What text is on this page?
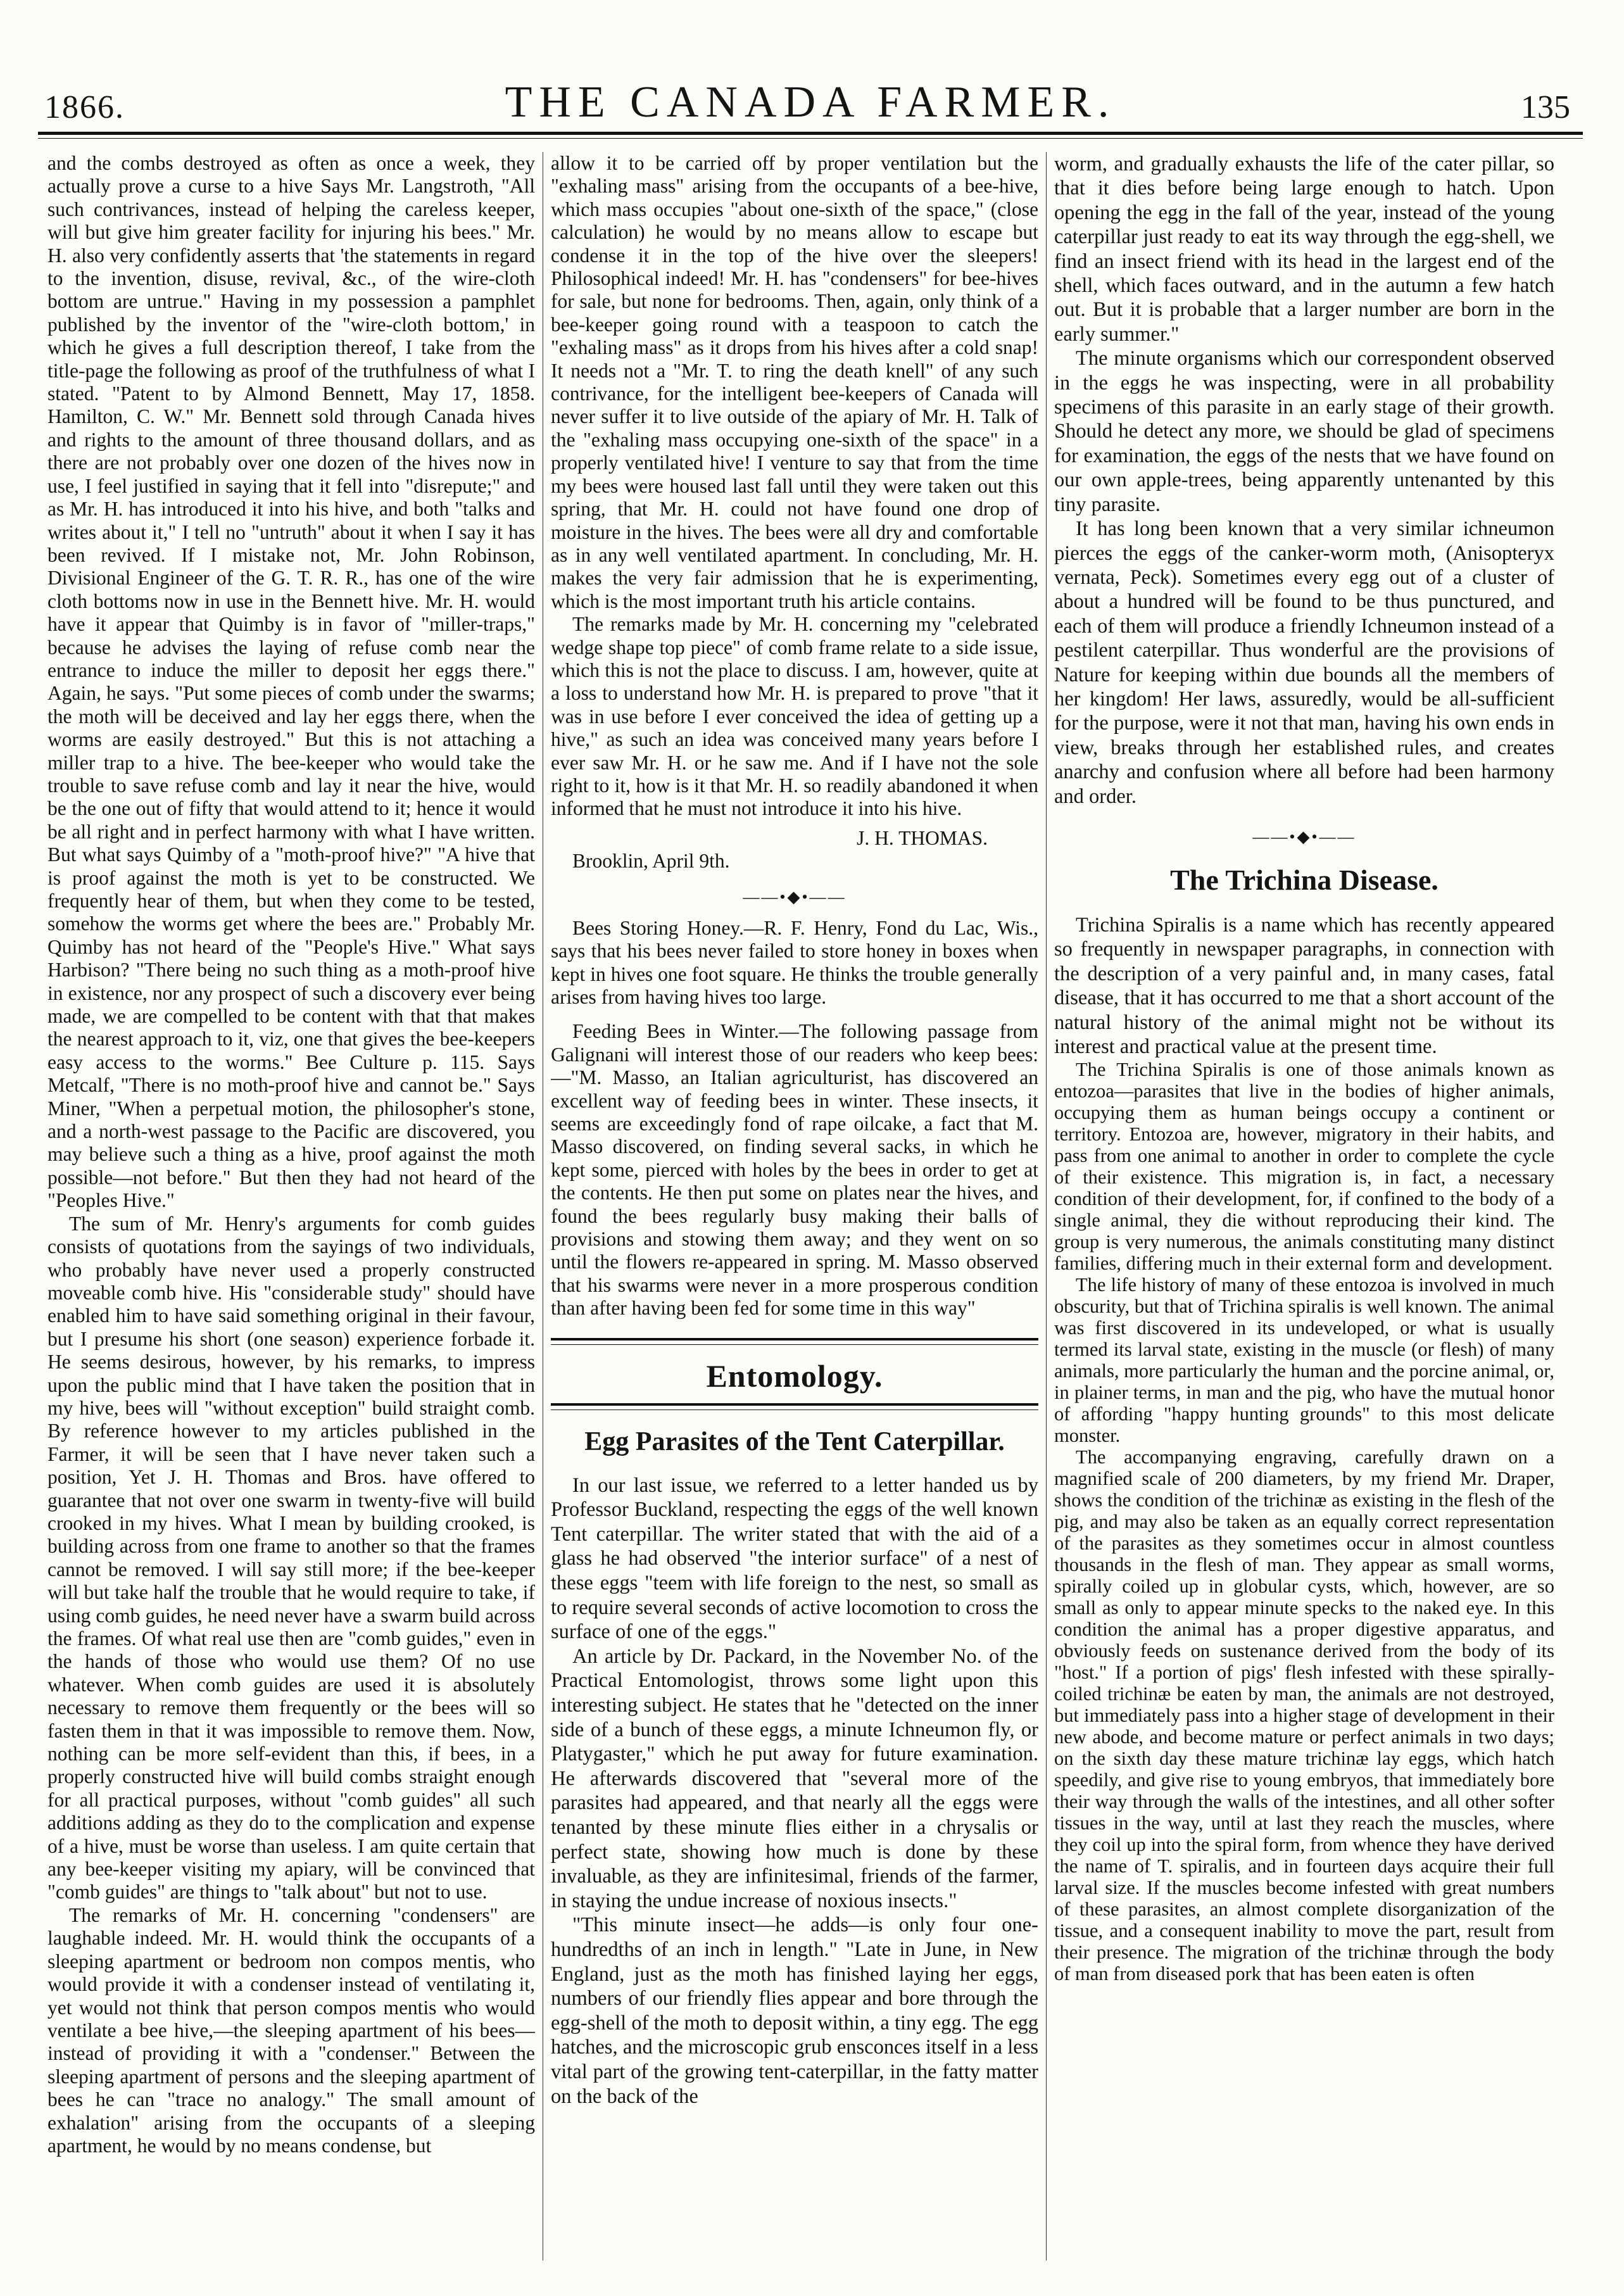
1866.	THE CANADA FARMER.	135

and the combs destroyed as often as once a week, they actually prove a curse to a hive Says Mr. Langstroth, "All such contrivances, instead of helping the careless keeper, will but give him greater facility for injuring his bees." Mr. H. also very confidently asserts that 'the statements in regard to the invention, disuse, revival, &c., of the wire-cloth bottom are untrue." Having in my possession a pamphlet published by the inventor of the "wire-cloth bottom,' in which he gives a full description thereof, I take from the title-page the following as proof of the truthfulness of what I stated. "Patent to by Almond Bennett, May 17, 1858. Hamilton, C. W." Mr. Bennett sold through Canada hives and rights to the amount of three thousand dollars, and as there are not probably over one dozen of the hives now in use, I feel justified in saying that it fell into "disrepute;" and as Mr. H. has introduced it into his hive, and both "talks and writes about it," I tell no "untruth" about it when I say it has been revived. If I mistake not, Mr. John Robinson, Divisional Engineer of the G. T. R. R., has one of the wire cloth bottoms now in use in the Bennett hive. Mr. H. would have it appear that Quimby is in favor of "miller-traps," because he advises the laying of refuse comb near the entrance to induce the miller to deposit her eggs there." Again, he says. "Put some pieces of comb under the swarms; the moth will be deceived and lay her eggs there, when the worms are easily destroyed." But this is not attaching a miller trap to a hive. The bee-keeper who would take the trouble to save refuse comb and lay it near the hive, would be the one out of fifty that would attend to it; hence it would be all right and in perfect harmony with what I have written. But what says Quimby of a "moth-proof hive?" "A hive that is proof against the moth is yet to be constructed. We frequently hear of them, but when they come to be tested, somehow the worms get where the bees are." Probably Mr. Quimby has not heard of the "People's Hive." What says Harbison? "There being no such thing as a moth-proof hive in existence, nor any prospect of such a discovery ever being made, we are compelled to be content with that that makes the nearest approach to it, viz, one that gives the bee-keepers easy access to the worms." Bee Culture p. 115. Says Metcalf, "There is no moth-proof hive and cannot be." Says Miner, "When a perpetual motion, the philosopher's stone, and a north-west passage to the Pacific are discovered, you may believe such a thing as a hive, proof against the moth possible—not before." But then they had not heard of the "Peoples Hive."

The sum of Mr. Henry's arguments for comb guides consists of quotations from the sayings of two individuals, who probably have never used a properly constructed moveable comb hive. His "considerable study" should have enabled him to have said something original in their favour, but I presume his short (one season) experience forbade it. He seems desirous, however, by his remarks, to impress upon the public mind that I have taken the position that in my hive, bees will "without exception" build straight comb. By reference however to my articles published in the Farmer, it will be seen that I have never taken such a position, Yet J. H. Thomas and Bros. have offered to guarantee that not over one swarm in twenty-five will build crooked in my hives. What I mean by building crooked, is building across from one frame to another so that the frames cannot be removed. I will say still more; if the bee-keeper will but take half the trouble that he would require to take, if using comb guides, he need never have a swarm build across the frames. Of what real use then are "comb guides," even in the hands of those who would use them? Of no use whatever. When comb guides are used it is absolutely necessary to remove them frequently or the bees will so fasten them in that it was impossible to remove them. Now, nothing can be more self-evident than this, if bees, in a properly constructed hive will build combs straight enough for all practical purposes, without "comb guides" all such additions adding as they do to the complication and expense of a hive, must be worse than useless. I am quite certain that any bee-keeper visiting my apiary, will be convinced that "comb guides" are things to "talk about" but not to use.

The remarks of Mr. H. concerning "condensers" are laughable indeed. Mr. H. would think the occupants of a sleeping apartment or bedroom non compos mentis, who would provide it with a condenser instead of ventilating it, yet would not think that person compos mentis who would ventilate a bee hive,—the sleeping apartment of his bees—instead of providing it with a "condenser." Between the sleeping apartment of persons and the sleeping apartment of bees he can "trace no analogy." The small amount of exhalation" arising from the occupants of a sleeping apartment, he would by no means condense, but

allow it to be carried off by proper ventilation but the "exhaling mass" arising from the occupants of a bee-hive, which mass occupies "about one-sixth of the space," (close calculation) he would by no means allow to escape but condense it in the top of the hive over the sleepers! Philosophical indeed! Mr. H. has "condensers" for bee-hives for sale, but none for bedrooms. Then, again, only think of a bee-keeper going round with a teaspoon to catch the "exhaling mass" as it drops from his hives after a cold snap! It needs not a "Mr. T. to ring the death knell" of any such contrivance, for the intelligent bee-keepers of Canada will never suffer it to live outside of the apiary of Mr. H. Talk of the "exhaling mass occupying one-sixth of the space" in a properly ventilated hive! I venture to say that from the time my bees were housed last fall until they were taken out this spring, that Mr. H. could not have found one drop of moisture in the hives. The bees were all dry and comfortable as in any well ventilated apartment. In concluding, Mr. H. makes the very fair admission that he is experimenting, which is the most important truth his article contains.

The remarks made by Mr. H. concerning my "celebrated wedge shape top piece" of comb frame relate to a side issue, which this is not the place to discuss. I am, however, quite at a loss to understand how Mr. H. is prepared to prove "that it was in use before I ever conceived the idea of getting up a hive," as such an idea was conceived many years before I ever saw Mr. H. or he saw me. And if I have not the sole right to it, how is it that Mr. H. so readily abandoned it when informed that he must not introduce it into his hive.

J. H. THOMAS.
Brooklin, April 9th.
——•◆•——

Bees Storing Honey.—R. F. Henry, Fond du Lac, Wis., says that his bees never failed to store honey in boxes when kept in hives one foot square. He thinks the trouble generally arises from having hives too large.

Feeding Bees in Winter.—The following passage from Galignani will interest those of our readers who keep bees:—"M. Masso, an Italian agriculturist, has discovered an excellent way of feeding bees in winter. These insects, it seems are exceedingly fond of rape oilcake, a fact that M. Masso discovered, on finding several sacks, in which he kept some, pierced with holes by the bees in order to get at the contents. He then put some on plates near the hives, and found the bees regularly busy making their balls of provisions and stowing them away; and they went on so until the flowers re-appeared in spring. M. Masso observed that his swarms were never in a more prosperous condition than after having been fed for some time in this way"

Entomology.
Egg Parasites of the Tent Caterpillar.

In our last issue, we referred to a letter handed us by Professor Buckland, respecting the eggs of the well known Tent caterpillar. The writer stated that with the aid of a glass he had observed "the interior surface" of a nest of these eggs "teem with life foreign to the nest, so small as to require several seconds of active locomotion to cross the surface of one of the eggs."

An article by Dr. Packard, in the November No. of the Practical Entomologist, throws some light upon this interesting subject. He states that he "detected on the inner side of a bunch of these eggs, a minute Ichneumon fly, or Platygaster," which he put away for future examination. He afterwards discovered that "several more of the parasites had appeared, and that nearly all the eggs were tenanted by these minute flies either in a chrysalis or perfect state, showing how much is done by these invaluable, as they are infinitesimal, friends of the farmer, in staying the undue increase of noxious insects."

"This minute insect—he adds—is only four one-hundredths of an inch in length." "Late in June, in New England, just as the moth has finished laying her eggs, numbers of our friendly flies appear and bore through the egg-shell of the moth to deposit within, a tiny egg. The egg hatches, and the microscopic grub ensconces itself in a less vital part of the growing tent-caterpillar, in the fatty matter on the back of the

worm, and gradually exhausts the life of the cater pillar, so that it dies before being large enough to hatch. Upon opening the egg in the fall of the year, instead of the young caterpillar just ready to eat its way through the egg-shell, we find an insect friend with its head in the largest end of the shell, which faces outward, and in the autumn a few hatch out. But it is probable that a larger number are born in the early summer."

The minute organisms which our correspondent observed in the eggs he was inspecting, were in all probability specimens of this parasite in an early stage of their growth. Should he detect any more, we should be glad of specimens for examination, the eggs of the nests that we have found on our own apple-trees, being apparently untenanted by this tiny parasite.

It has long been known that a very similar ichneumon pierces the eggs of the canker-worm moth, (Anisopteryx vernata, Peck). Sometimes every egg out of a cluster of about a hundred will be found to be thus punctured, and each of them will produce a friendly Ichneumon instead of a pestilent caterpillar. Thus wonderful are the provisions of Nature for keeping within due bounds all the members of her kingdom! Her laws, assuredly, would be all-sufficient for the purpose, were it not that man, having his own ends in view, breaks through her established rules, and creates anarchy and confusion where all before had been harmony and order.

——•◆•——
The Trichina Disease.

Trichina Spiralis is a name which has recently appeared so frequently in newspaper paragraphs, in connection with the description of a very painful and, in many cases, fatal disease, that it has occurred to me that a short account of the natural history of the animal might not be without its interest and practical value at the present time.

The Trichina Spiralis is one of those animals known as entozoa—parasites that live in the bodies of higher animals, occupying them as human beings occupy a continent or territory. Entozoa are, however, migratory in their habits, and pass from one animal to another in order to complete the cycle of their existence. This migration is, in fact, a necessary condition of their development, for, if confined to the body of a single animal, they die without reproducing their kind. The group is very numerous, the animals constituting many distinct families, differing much in their external form and development.

The life history of many of these entozoa is involved in much obscurity, but that of Trichina spiralis is well known. The animal was first discovered in its undeveloped, or what is usually termed its larval state, existing in the muscle (or flesh) of many animals, more particularly the human and the porcine animal, or, in plainer terms, in man and the pig, who have the mutual honor of affording "happy hunting grounds" to this most delicate monster.

The accompanying engraving, carefully drawn on a magnified scale of 200 diameters, by my friend Mr. Draper, shows the condition of the trichinæ as existing in the flesh of the pig, and may also be taken as an equally correct representation of the parasites as they sometimes occur in almost countless thousands in the flesh of man. They appear as small worms, spirally coiled up in globular cysts, which, however, are so small as only to appear minute specks to the naked eye. In this condition the animal has a proper digestive apparatus, and obviously feeds on sustenance derived from the body of its "host." If a portion of pigs' flesh infested with these spirally-coiled trichinæ be eaten by man, the animals are not destroyed, but immediately pass into a higher stage of development in their new abode, and become mature or perfect animals in two days; on the sixth day these mature trichinæ lay eggs, which hatch speedily, and give rise to young embryos, that immediately bore their way through the walls of the intestines, and all other softer tissues in the way, until at last they reach the muscles, where they coil up into the spiral form, from whence they have derived the name of T. spiralis, and in fourteen days acquire their full larval size. If the muscles become infested with great numbers of these parasites, an almost complete disorganization of the tissue, and a consequent inability to move the part, result from their presence. The migration of the trichinæ through the body of man from diseased pork that has been eaten is often
